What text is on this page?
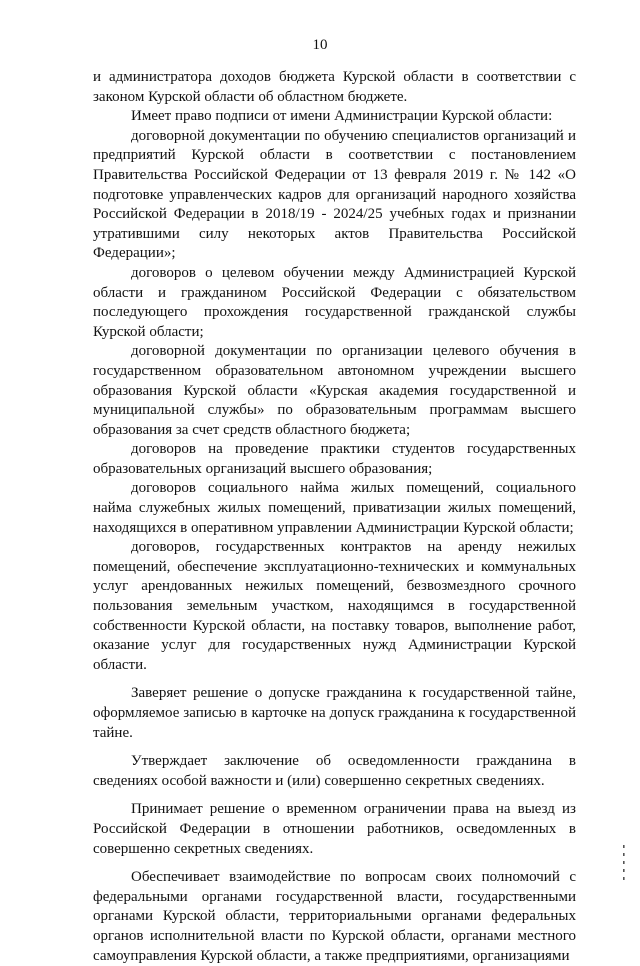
10

и администратора доходов бюджета Курской области в соответствии с законом Курской области об областном бюджете.

Имеет право подписи от имени Администрации Курской области:

договорной документации по обучению специалистов организаций и предприятий Курской области в соответствии с постановлением Правительства Российской Федерации от 13 февраля 2019 г. № 142 «О подготовке управленческих кадров для организаций народного хозяйства Российской Федерации в 2018/19 - 2024/25 учебных годах и признании утратившими силу некоторых актов Правительства Российской Федерации»;

договоров о целевом обучении между Администрацией Курской области и гражданином Российской Федерации с обязательством последующего прохождения государственной гражданской службы Курской области;

договорной документации по организации целевого обучения в государственном образовательном автономном учреждении высшего образования Курской области «Курская академия государственной и муниципальной службы» по образовательным программам высшего образования за счет средств областного бюджета;

договоров на проведение практики студентов государственных образовательных организаций высшего образования;

договоров социального найма жилых помещений, социального найма служебных жилых помещений, приватизации жилых помещений, находящихся в оперативном управлении Администрации Курской области;

договоров, государственных контрактов на аренду нежилых помещений, обеспечение эксплуатационно-технических и коммунальных услуг арендованных нежилых помещений, безвозмездного срочного пользования земельным участком, находящимся в государственной собственности Курской области, на поставку товаров, выполнение работ, оказание услуг для государственных нужд Администрации Курской области.

Заверяет решение о допуске гражданина к государственной тайне, оформляемое записью в карточке на допуск гражданина к государственной тайне.

Утверждает заключение об осведомленности гражданина в сведениях особой важности и (или) совершенно секретных сведениях.

Принимает решение о временном ограничении права на выезд из Российской Федерации в отношении работников, осведомленных в совершенно секретных сведениях.

Обеспечивает взаимодействие по вопросам своих полномочий с федеральными органами государственной власти, государственными органами Курской области, территориальными органами федеральных органов исполнительной власти по Курской области, органами местного самоуправления Курской области, а также предприятиями, организациями
